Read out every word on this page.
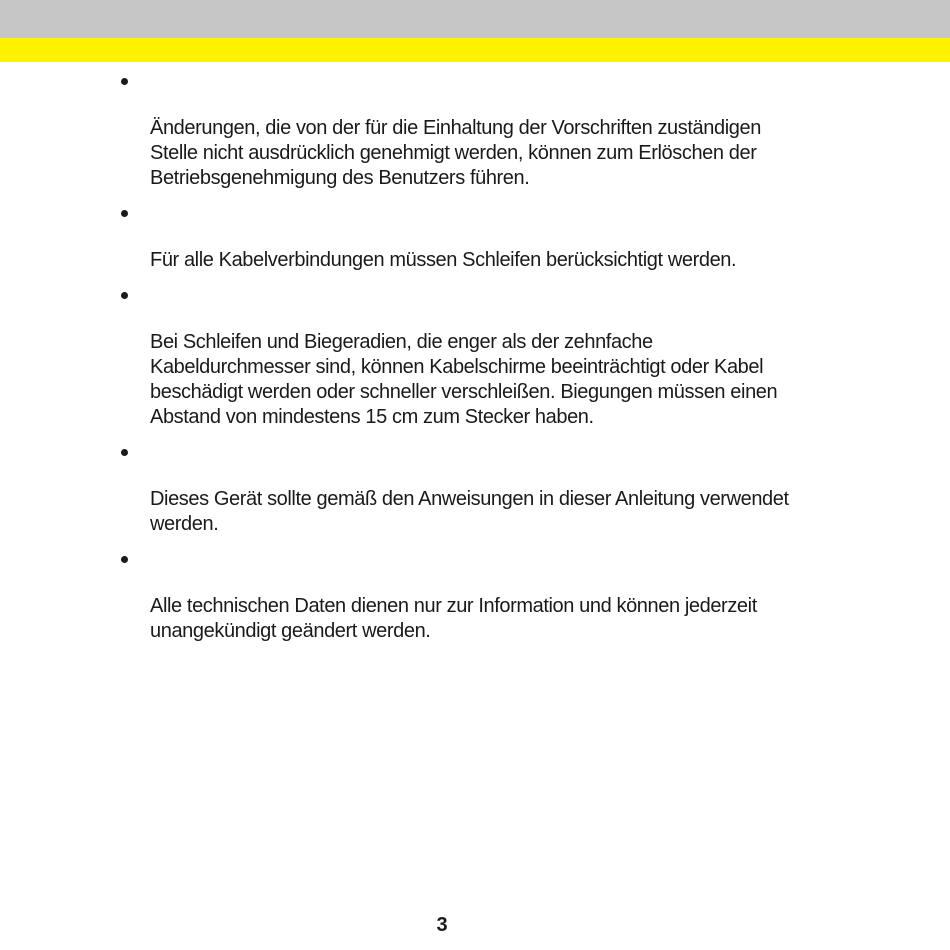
Änderungen, die von der für die Einhaltung der Vorschriften zuständigen
Stelle nicht ausdrücklich genehmigt werden, können zum Erlöschen der
Betriebsgenehmigung des Benutzers führen.

Für alle Kabelverbindungen müssen Schleifen berücksichtigt werden.

Bei Schleifen und Biegeradien, die enger als der zehnfache
Kabeldurchmesser sind, können Kabelschirme beeinträchtigt oder Kabel
beschädigt werden oder schneller verschleißen. Biegungen müssen einen
Abstand von mindestens 15 cm zum Stecker haben.

Dieses Gerät sollte gemäß den Anweisungen in dieser Anleitung verwendet
werden.

Alle technischen Daten dienen nur zur Information und können jederzeit
unangekündigt geändert werden.

3
